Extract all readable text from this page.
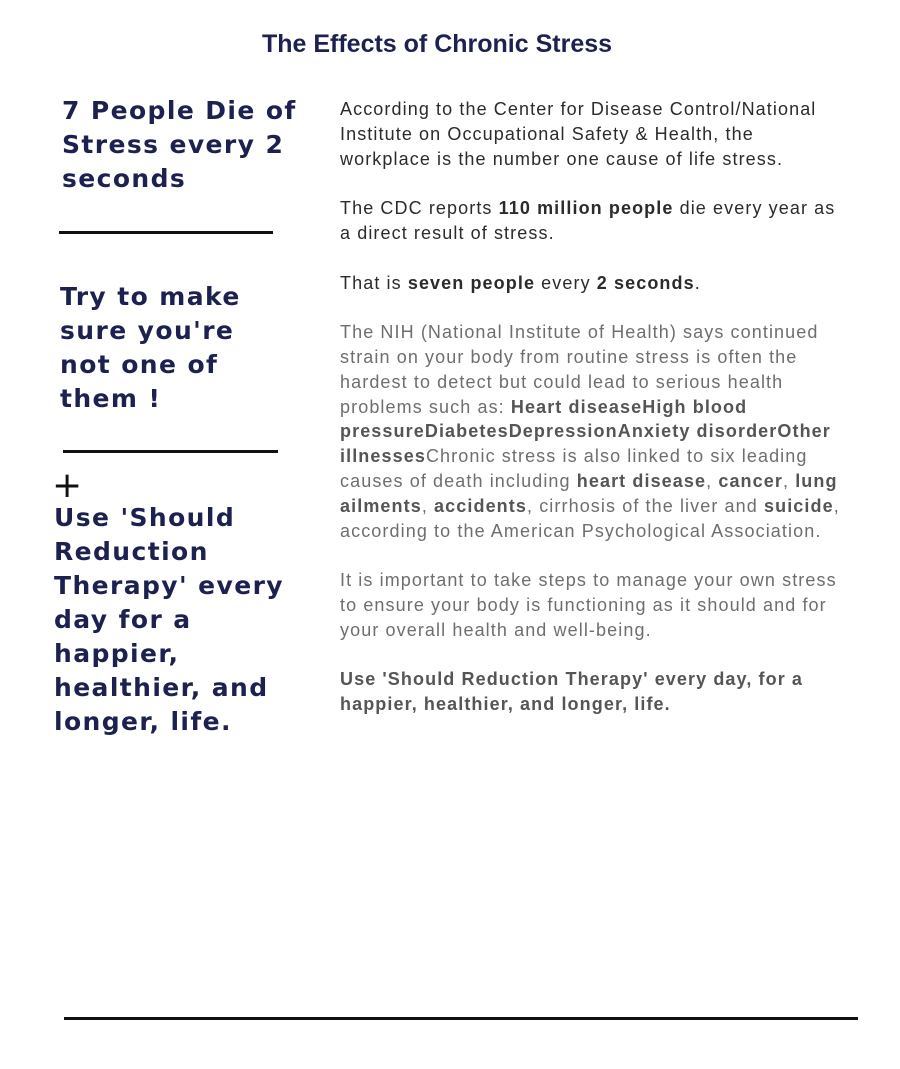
The Effects of Chronic Stress

7 People Die of Stress every 2 seconds

Try to make sure you're not one of them !

+

Use 'Should Reduction Therapy' every day for a happier, healthier, and longer, life.

According to the Center for Disease Control/National Institute on Occupational Safety & Health, the workplace is the number one cause of life stress.

The CDC reports 110 million people die every year as a direct result of stress.

That is seven people every 2 seconds.

The NIH (National Institute of Health) says continued strain on your body from routine stress is often the hardest to detect but could lead to serious health problems such as: Heart diseaseHigh blood pressureDiabetesDepressionAnxiety disorderOther illnessesChronic stress is also linked to six leading causes of death including heart disease, cancer, lung ailments, accidents, cirrhosis of the liver and suicide, according to the American Psychological Association.

It is important to take steps to manage your own stress to ensure your body is functioning as it should and for your overall health and well-being.

Use 'Should Reduction Therapy' every day, for a happier, healthier, and longer, life.
